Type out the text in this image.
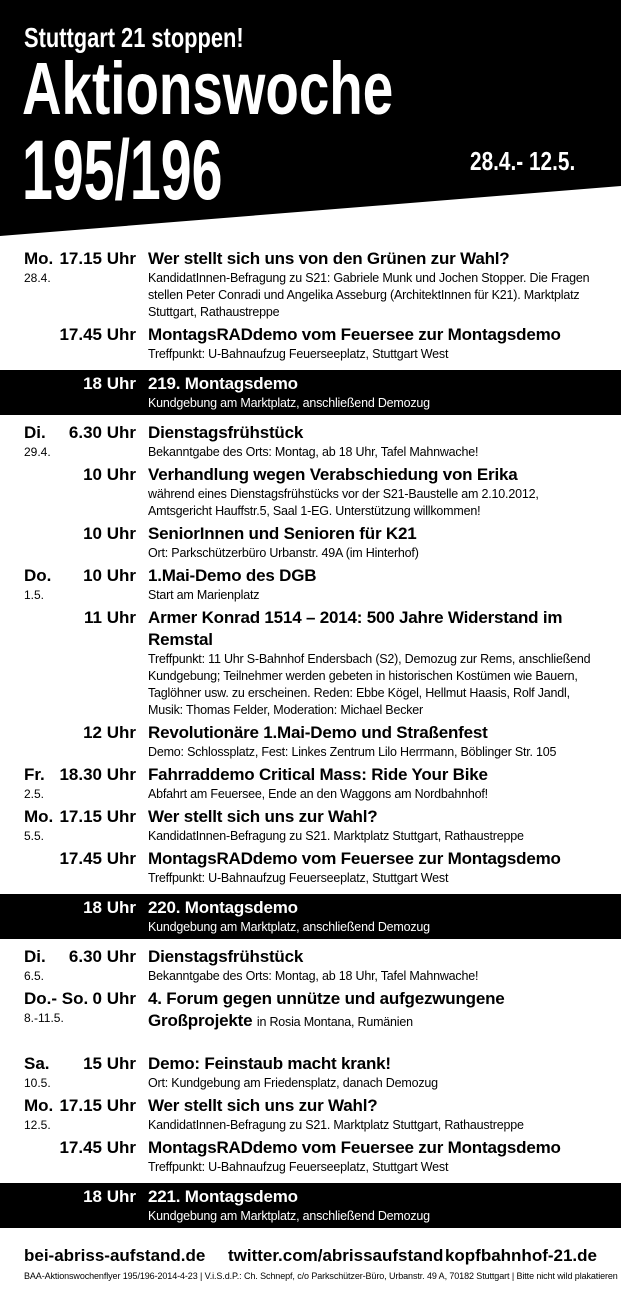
Stuttgart 21 stoppen!
Aktionswoche
195/196	28.4.- 12.5.
Mo. 17.15 Uhr
28.4.
Wer stellt sich uns von den Grünen zur Wahl?
KandidatInnen-Befragung zu S21: Gabriele Munk und Jochen Stopper. Die Fragen stellen Peter Conradi und Angelika Asseburg (ArchitektInnen für K21). Marktplatz Stuttgart, Rathaustreppe
17.45 Uhr MontagsRADdemo vom Feuersee zur Montagsdemo
Treffpunkt: U-Bahnaufzug Feuerseeplatz, Stuttgart West
18 Uhr 219. Montagsdemo
Kundgebung am Marktplatz, anschließend Demozug
Di. 6.30 Uhr
29.4.
Dienstagsfrühstück
Bekanntgabe des Orts: Montag, ab 18 Uhr, Tafel Mahnwache!
10 Uhr Verhandlung wegen Verabschiedung von Erika
während eines Dienstagsfrühstücks vor der S21-Baustelle am 2.10.2012, Amtsgericht Hauffstr.5, Saal 1-EG. Unterstützung willkommen!
10 Uhr SeniorInnen und Senioren für K21
Ort: Parkschützerbüro Urbanstr. 49A (im Hinterhof)
Do. 10 Uhr
1.5.
1.Mai-Demo des DGB
Start am Marienplatz
11 Uhr Armer Konrad 1514 – 2014: 500 Jahre Widerstand im Remstal
Treffpunkt: 11 Uhr S-Bahnhof Endersbach (S2), Demozug zur Rems, anschließend Kundgebung; Teilnehmer werden gebeten in historischen Kostümen wie Bauern, Taglöhner usw. zu erscheinen. Reden: Ebbe Kögel, Hellmut Haasis, Rolf Jandl, Musik: Thomas Felder, Moderation: Michael Becker
12 Uhr Revolutionäre 1.Mai-Demo und Straßenfest
Demo: Schlossplatz, Fest: Linkes Zentrum Lilo Herrmann, Böblinger Str. 105
Fr. 18.30 Uhr
2.5.
Fahrraddemo Critical Mass: Ride Your Bike
Abfahrt am Feuersee, Ende an den Waggons am Nordbahnhof!
Mo. 17.15 Uhr
5.5.
Wer stellt sich uns zur Wahl?
KandidatInnen-Befragung zu S21. Marktplatz Stuttgart, Rathaustreppe
17.45 Uhr MontagsRADdemo vom Feuersee zur Montagsdemo
Treffpunkt: U-Bahnaufzug Feuerseeplatz, Stuttgart West
18 Uhr 220. Montagsdemo
Kundgebung am Marktplatz, anschließend Demozug
Di. 6.30 Uhr
6.5.
Dienstagsfrühstück
Bekanntgabe des Orts: Montag, ab 18 Uhr, Tafel Mahnwache!
Do.- So. 0 Uhr
8.-11.5.
4. Forum gegen unnütze und aufgezwungene Großprojekte in Rosia Montana, Rumänien
Sa. 15 Uhr
10.5.
Demo: Feinstaub macht krank!
Ort: Kundgebung am Friedensplatz, danach Demozug
Mo. 17.15 Uhr
12.5.
Wer stellt sich uns zur Wahl?
KandidatInnen-Befragung zu S21. Marktplatz Stuttgart, Rathaustreppe
17.45 Uhr MontagsRADdemo vom Feuersee zur Montagsdemo
Treffpunkt: U-Bahnaufzug Feuerseeplatz, Stuttgart West
18 Uhr 221. Montagsdemo
Kundgebung am Marktplatz, anschließend Demozug
bei-abriss-aufstand.de twitter.com/abrissaufstand kopfbahnhof-21.de
BAA-Aktionswochenflyer 195/196-2014-4-23 | V.i.S.d.P.: Ch. Schnepf, c/o Parkschützer-Büro, Urbanstr. 49 A, 70182 Stuttgart | Bitte nicht wild plakatieren
